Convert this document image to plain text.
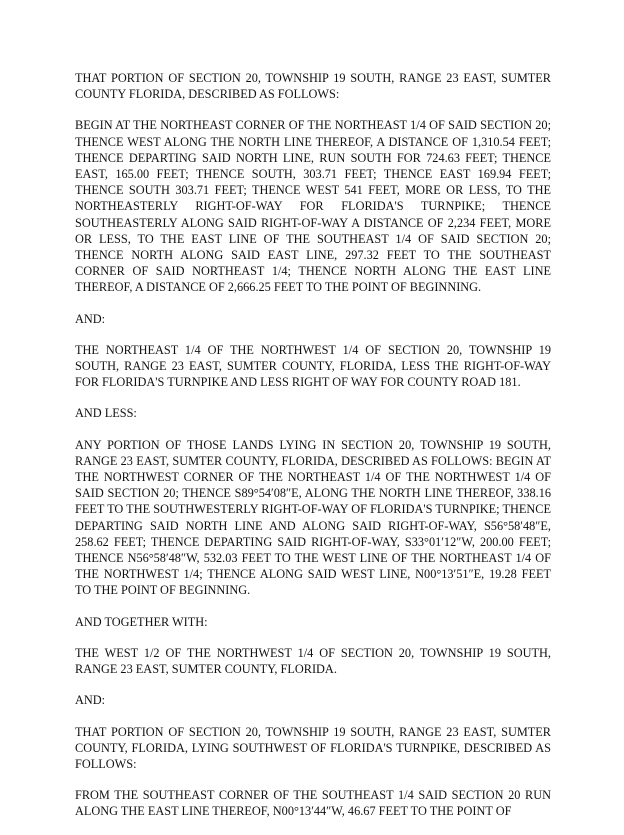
THAT PORTION OF SECTION 20, TOWNSHIP 19 SOUTH, RANGE 23 EAST, SUMTER COUNTY FLORIDA, DESCRIBED AS FOLLOWS:

BEGIN AT THE NORTHEAST CORNER OF THE NORTHEAST 1/4 OF SAID SECTION 20; THENCE WEST ALONG THE NORTH LINE THEREOF, A DISTANCE OF 1,310.54 FEET; THENCE DEPARTING SAID NORTH LINE, RUN SOUTH FOR 724.63 FEET; THENCE EAST, 165.00 FEET; THENCE SOUTH, 303.71 FEET; THENCE EAST 169.94 FEET; THENCE SOUTH 303.71 FEET; THENCE WEST 541 FEET, MORE OR LESS, TO THE NORTHEASTERLY RIGHT-OF-WAY FOR FLORIDA'S TURNPIKE; THENCE SOUTHEASTERLY ALONG SAID RIGHT-OF-WAY A DISTANCE OF 2,234 FEET, MORE OR LESS, TO THE EAST LINE OF THE SOUTHEAST 1/4 OF SAID SECTION 20; THENCE NORTH ALONG SAID EAST LINE, 297.32 FEET TO THE SOUTHEAST CORNER OF SAID NORTHEAST 1/4; THENCE NORTH ALONG THE EAST LINE THEREOF, A DISTANCE OF 2,666.25 FEET TO THE POINT OF BEGINNING.

AND:

THE NORTHEAST 1/4 OF THE NORTHWEST 1/4 OF SECTION 20, TOWNSHIP 19 SOUTH, RANGE 23 EAST, SUMTER COUNTY, FLORIDA, LESS THE RIGHT-OF-WAY FOR FLORIDA'S TURNPIKE AND LESS RIGHT OF WAY FOR COUNTY ROAD 181.

AND LESS:

ANY PORTION OF THOSE LANDS LYING IN SECTION 20, TOWNSHIP 19 SOUTH, RANGE 23 EAST, SUMTER COUNTY, FLORIDA, DESCRIBED AS FOLLOWS: BEGIN AT THE NORTHWEST CORNER OF THE NORTHEAST 1/4 OF THE NORTHWEST 1/4 OF SAID SECTION 20; THENCE S89°54′08″E, ALONG THE NORTH LINE THEREOF, 338.16 FEET TO THE SOUTHWESTERLY RIGHT-OF-WAY OF FLORIDA'S TURNPIKE; THENCE DEPARTING SAID NORTH LINE AND ALONG SAID RIGHT-OF-WAY, S56°58′48″E, 258.62 FEET; THENCE DEPARTING SAID RIGHT-OF-WAY, S33°01′12″W, 200.00 FEET; THENCE N56°58′48″W, 532.03 FEET TO THE WEST LINE OF THE NORTHEAST 1/4 OF THE NORTHWEST 1/4; THENCE ALONG SAID WEST LINE, N00°13′51″E, 19.28 FEET TO THE POINT OF BEGINNING.

AND TOGETHER WITH:

THE WEST 1/2 OF THE NORTHWEST 1/4 OF SECTION 20, TOWNSHIP 19 SOUTH, RANGE 23 EAST, SUMTER COUNTY, FLORIDA.

AND:

THAT PORTION OF SECTION 20, TOWNSHIP 19 SOUTH, RANGE 23 EAST, SUMTER COUNTY, FLORIDA, LYING SOUTHWEST OF FLORIDA'S TURNPIKE, DESCRIBED AS FOLLOWS:

FROM THE SOUTHEAST CORNER OF THE SOUTHEAST 1/4 SAID SECTION 20 RUN ALONG THE EAST LINE THEREOF, N00°13′44″W, 46.67 FEET TO THE POINT OF
